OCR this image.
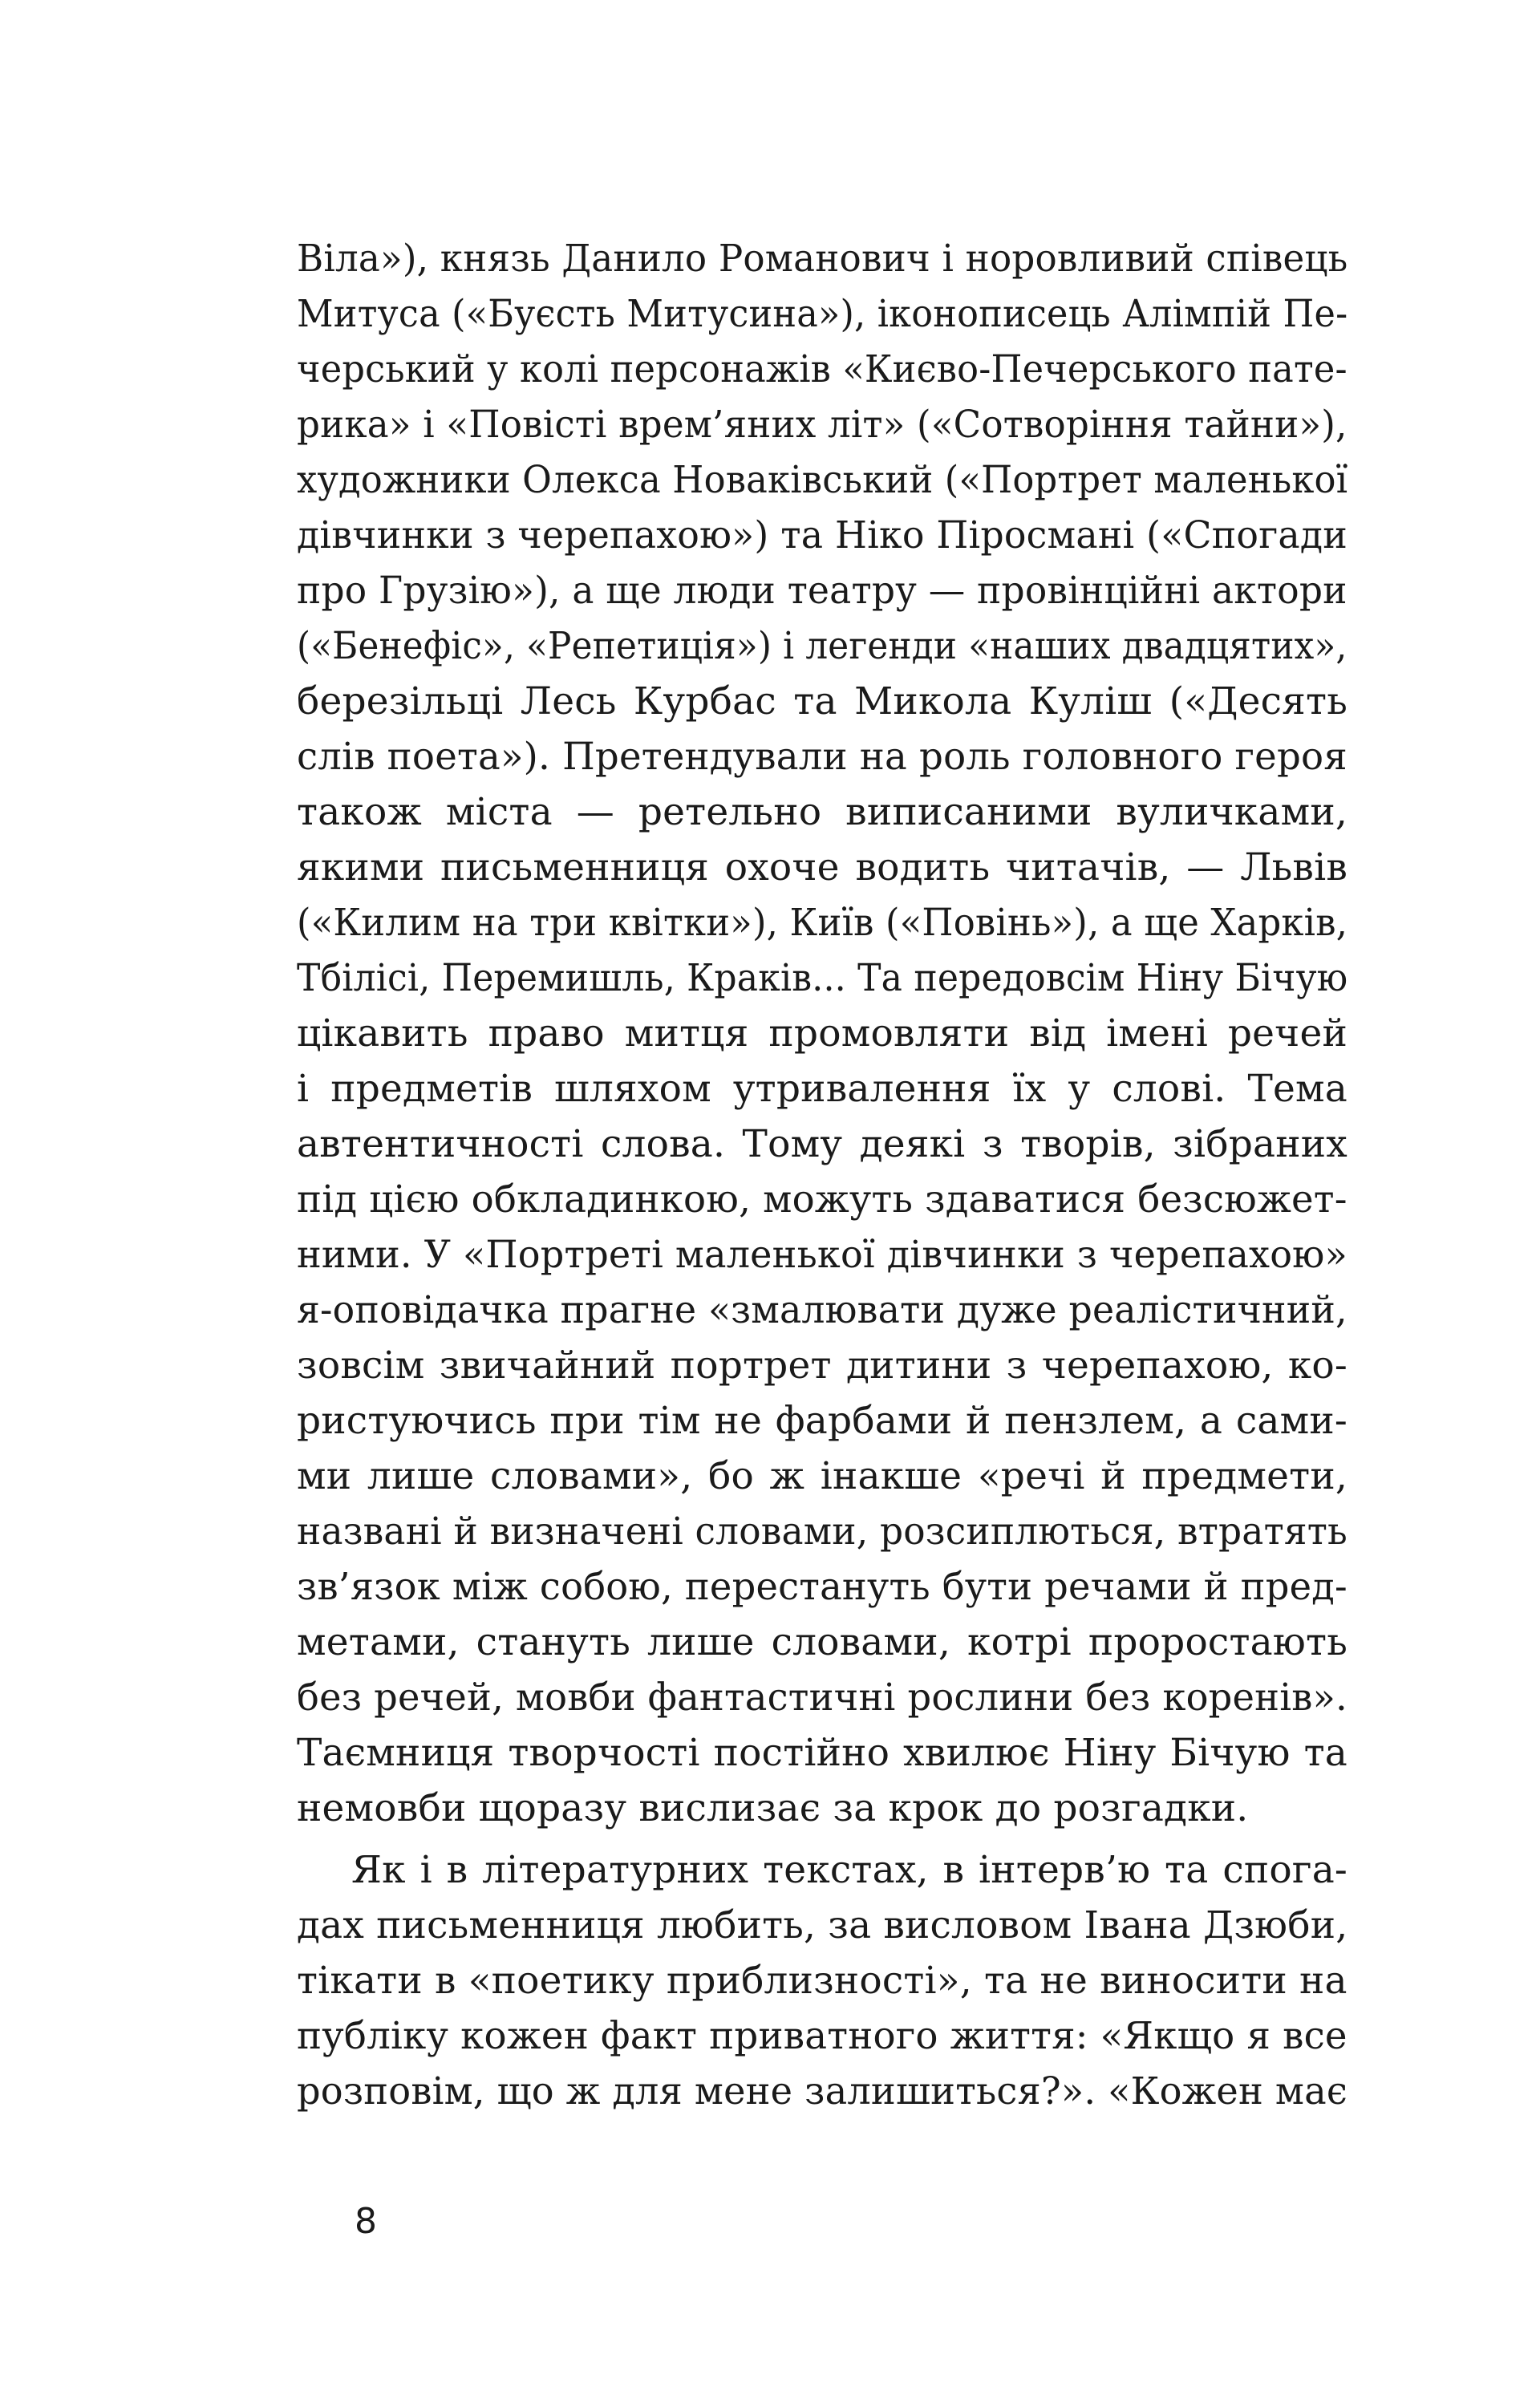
Віла»), князь Данило Романович і норовливий співець
Митуса («Буєсть Митусина»), іконописець Алімпій Пе-
черський у колі персонажів «Києво-Печерського пате-
рика» і «Повісті врем’яних літ» («Сотворіння тайни»),
художники Олекса Новаківський («Портрет маленької
дівчинки з черепахою») та Ніко Піросмані («Спогади
про Грузію»), а ще люди театру — провінційні актори
(«Бенефіс», «Репетиція») і легенди «наших двадцятих»,
березільці Лесь Курбас та Микола Куліш («Десять
слів поета»). Претендували на роль головного героя
також міста — ретельно виписаними вуличками,
якими письменниця охоче водить читачів, — Львів
(«Килим на три квітки»), Київ («Повінь»), а ще Харків,
Тбілісі, Перемишль, Краків... Та передовсім Ніну Бічую
цікавить право митця промовляти від імені речей
і предметів шляхом утривалення їх у слові. Тема
автентичності слова. Тому деякі з творів, зібраних
під цією обкладинкою, можуть здаватися безсюжет-
ними. У «Портреті маленької дівчинки з черепахою»
я-оповідачка прагне «змалювати дуже реалістичний,
зовсім звичайний портрет дитини з черепахою, ко-
ристуючись при тім не фарбами й пензлем, а сами-
ми лише словами», бо ж інакше «речі й предмети,
названі й визначені словами, розсиплються, втратять
зв’язок між собою, перестануть бути речами й пред-
метами, стануть лише словами, котрі проростають
без речей, мовби фантастичні рослини без коренів».
Таємниця творчості постійно хвилює Ніну Бічую та
немовби щоразу вислизає за крок до розгадки.
Як і в літературних текстах, в інтерв’ю та спога-
дах письменниця любить, за висловом Івана Дзюби,
тікати в «поетику приблизності», та не виносити на
публіку кожен факт приватного життя: «Якщо я все
розповім, що ж для мене залишиться?». «Кожен має
8
